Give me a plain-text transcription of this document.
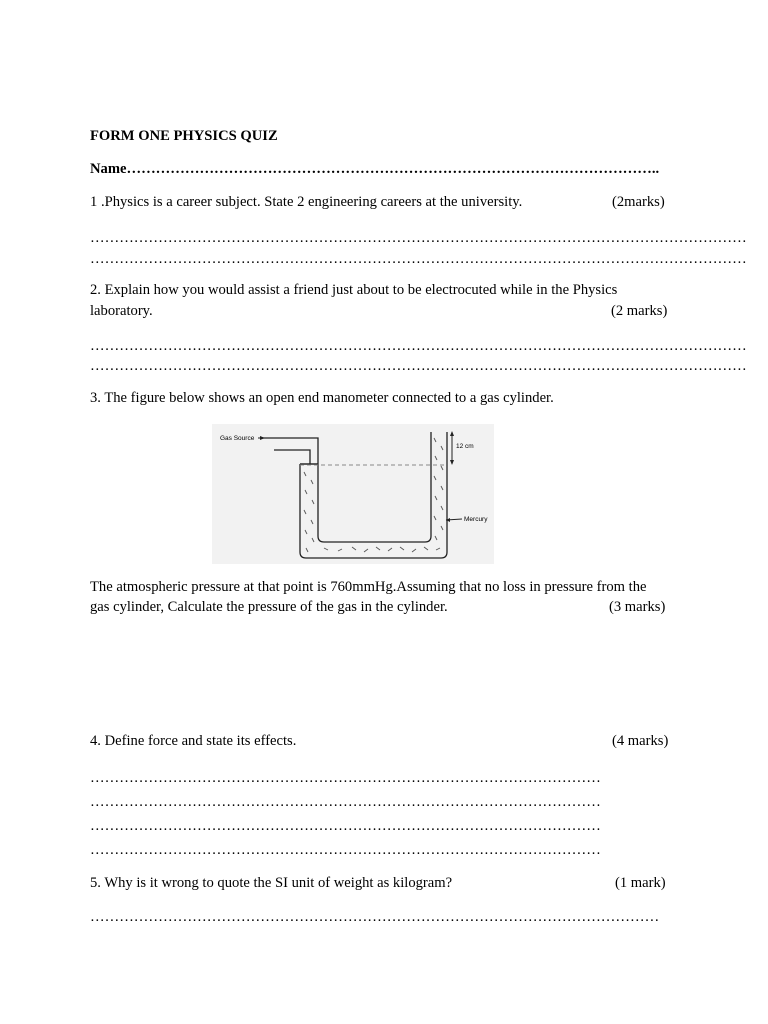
FORM ONE PHYSICS QUIZ
Name………………………………………………………………………………………………..
1 .Physics is a career subject. State 2 engineering careers at the university.	(2marks)
………………………………………………………………………………………………………………………
………………………………………………………………………………………………………………………
2. Explain how you would assist a friend just about to be electrocuted while in the Physics
laboratory.	(2 marks)
………………………………………………………………………………………………………………………
………………………………………………………………………………………………………………………
3. The figure below shows an open end manometer connected to a gas cylinder.
Gas Source
12 cm
Mercury
The atmospheric pressure at that point is 760mmHg.Assuming that no loss in pressure from the
gas cylinder, Calculate the pressure of the gas in the cylinder.	(3 marks)
4. Define force and state its effects.	(4 marks)
……………………………………………………………………………………………
……………………………………………………………………………………………
……………………………………………………………………………………………
……………………………………………………………………………………………
5. Why is it wrong to quote the SI unit of weight as kilogram?	(1 mark)
………………………………………………………………………………………………………
